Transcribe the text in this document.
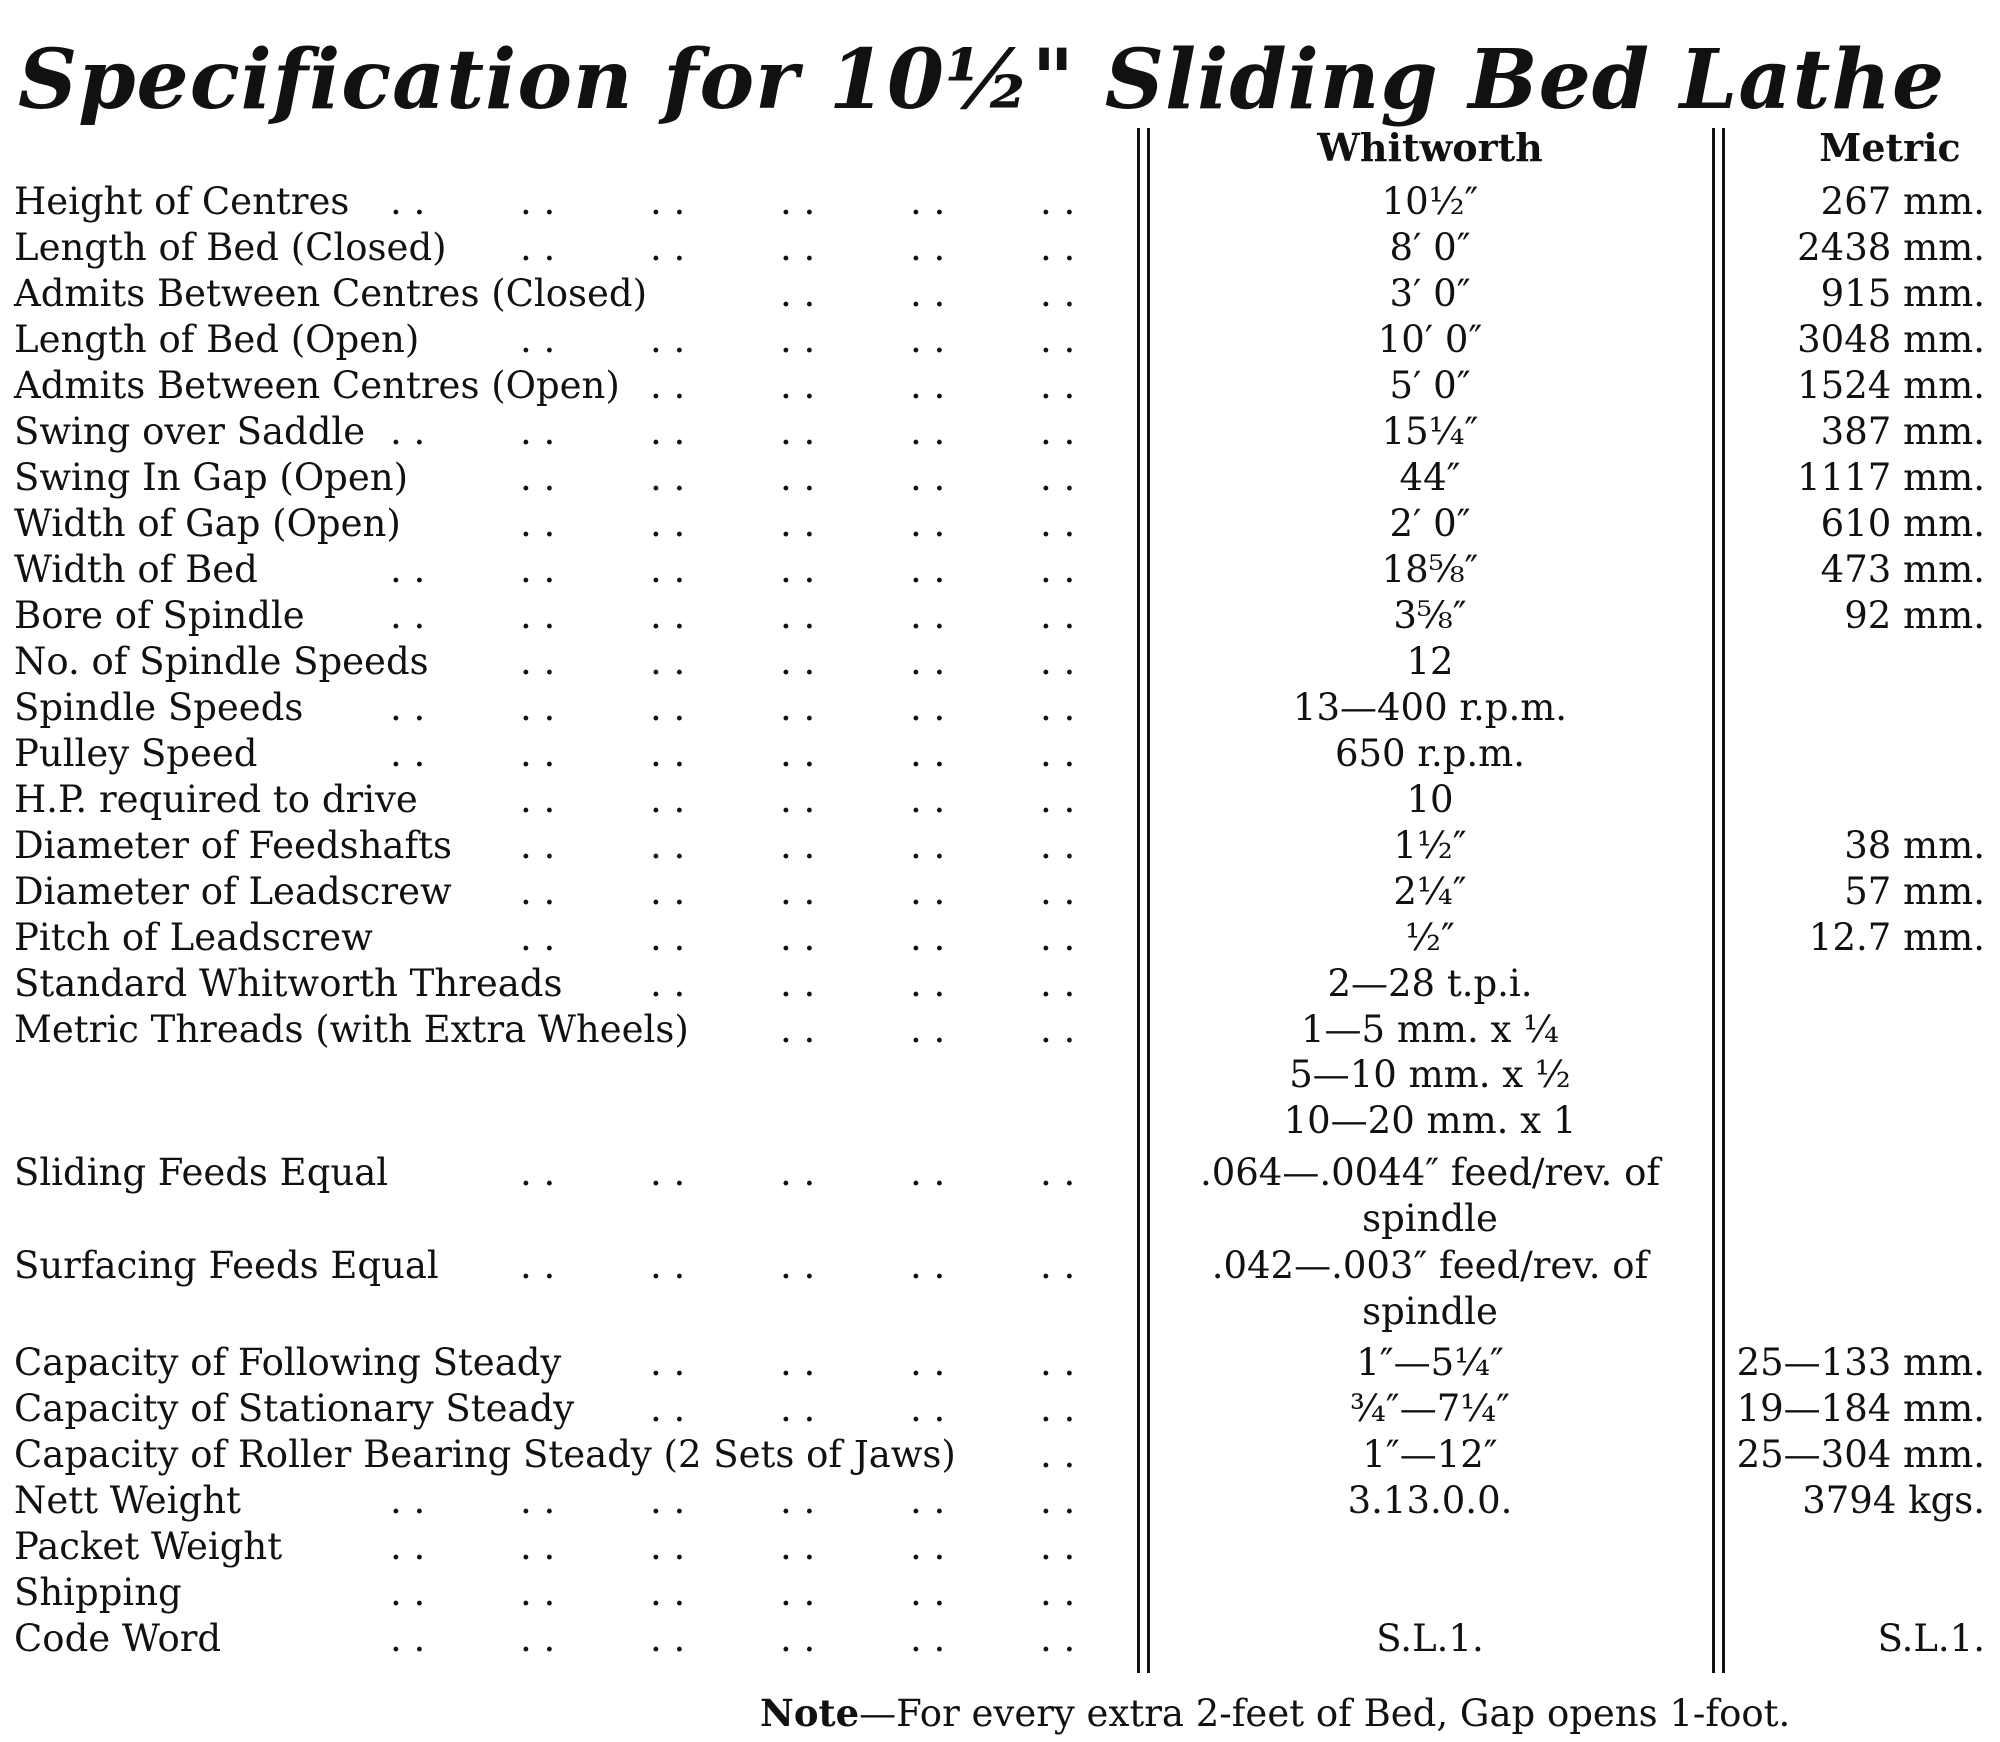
Specification for 10½" Sliding Bed Lathe
Whitworth	Metric
Height of Centres . .	. .	. .	. .	. .	. .	10½″	267 mm.
Length of Bed (Closed) . .	. .	. .	. .	. .	8′ 0″	2438 mm.
Admits Between Centres (Closed)	. .	. .	. .	3′ 0″	915 mm.
Length of Bed (Open)	. .	. .	. .	. .	. .	10′ 0″	3048 mm.
Admits Between Centres (Open) . .	. .	. .	. .	5′ 0″	1524 mm.
Swing over Saddle . .	. .	. .	. .	. .	. .	15¼″	387 mm.
Swing In Gap (Open)	. .	. .	. .	. .	. .	44″	1117 mm.
Width of Gap (Open)	. .	. .	. .	. .	. .	2′ 0″	610 mm.
Width of Bed	. .	. .	. .	. .	. .	. .	18⅝″	473 mm.
Bore of Spindle . .	. .	. .	. .	. .	. .	3⅝″	92 mm.
No. of Spindle Speeds . .	. .	. .	. .	. .	12
Spindle Speeds . .	. .	. .	. .	. .	. .	13—400 r.p.m.
Pulley Speed	. .	. .	. .	. .	. .	. .	650 r.p.m.
H.P. required to drive	. .	. .	. .	. .	. .	10
Diameter of Feedshafts . .	. .	. .	. .	. .	1½″	38 mm.
Diameter of Leadscrew . .	. .	. .	. .	. .	2¼″	57 mm.
Pitch of Leadscrew	. .	. .	. .	. .	. .	½″	12.7 mm.
Standard Whitworth Threads . .	. .	. .	. .	2—28 t.p.i.
Metric Threads (with Extra Wheels) . .	. .	. .	1—5 mm. x ¼
5—10 mm. x ½
10—20 mm. x 1
Sliding Feeds Equal	. .	. .	. .	. .	. .	.064—.0044″ feed/rev. of
spindle
Surfacing Feeds Equal . .	. .	. .	. .	. .	.042—.003″ feed/rev. of
spindle
Capacity of Following Steady . .	. .	. .	. .	1″—5¼″	25—133 mm.
Capacity of Stationary Steady . .	. .	. .	. .	¾″—7¼″	19—184 mm.
Capacity of Roller Bearing Steady (2 Sets of Jaws) . .	1″—12″	25—304 mm.
Nett Weight	. .	. .	. .	. .	. .	. .	3.13.0.0.	3794 kgs.
Packet Weight	. .	. .	. .	. .	. .	. .
Shipping	. .	. .	. .	. .	. .	. .
Code Word	. .	. .	. .	. .	. .	. .	S.L.1.	S.L.1.
Note—For every extra 2-feet of Bed, Gap opens 1-foot.
